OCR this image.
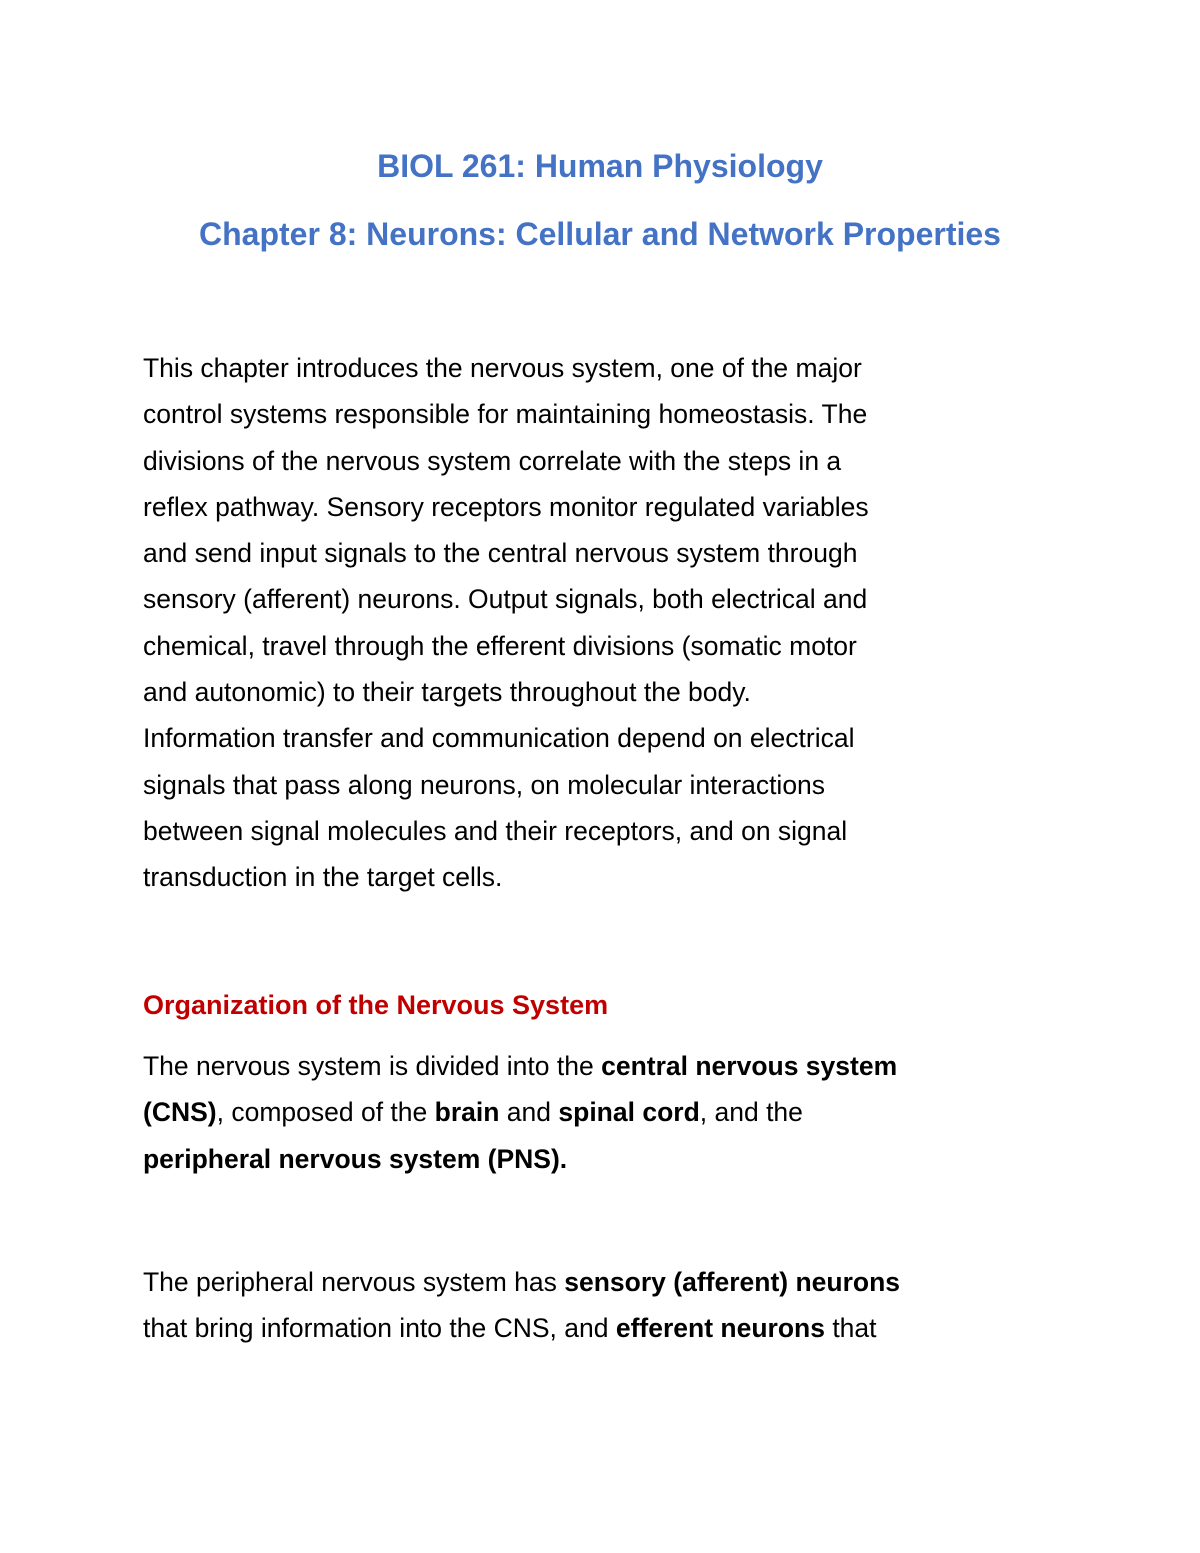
BIOL 261: Human Physiology
Chapter 8: Neurons: Cellular and Network Properties

This chapter introduces the nervous system, one of the major
control systems responsible for maintaining homeostasis. The
divisions of the nervous system correlate with the steps in a
reflex pathway. Sensory receptors monitor regulated variables
and send input signals to the central nervous system through
sensory (afferent) neurons. Output signals, both electrical and
chemical, travel through the efferent divisions (somatic motor
and autonomic) to their targets throughout the body.
Information transfer and communication depend on electrical
signals that pass along neurons, on molecular interactions
between signal molecules and their receptors, and on signal
transduction in the target cells.

Organization of the Nervous System

The nervous system is divided into the central nervous system
(CNS), composed of the brain and spinal cord, and the
peripheral nervous system (PNS).

The peripheral nervous system has sensory (afferent) neurons
that bring information into the CNS, and efferent neurons that
